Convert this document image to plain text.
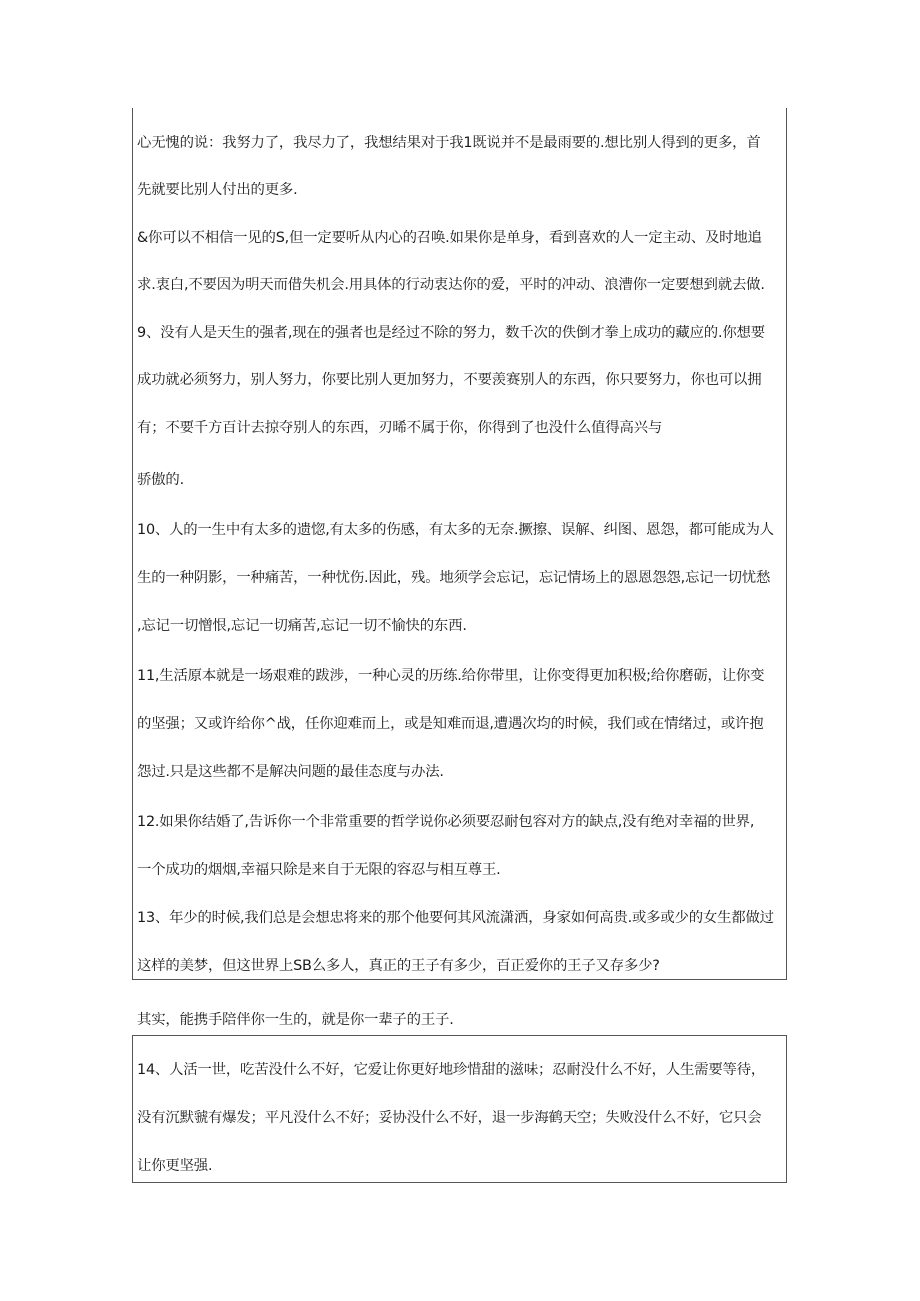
心无愧的说：我努力了，我尽力了，我想结果对于我1既说并不是最雨要的.想比别人得到的更多，首
先就要比别人付出的更多.
&你可以不相信一见的S,但一定要听从内心的召唤.如果你是单身，看到喜欢的人一定主动、及时地追
求.衷白,不要因为明天而借失机会.用具体的行动衷达你的爱，平时的冲动、浪漕你一定要想到就去做.
9、没有人是天生的强者,现在的强者也是经过不除的努力，数千次的佚倒才拳上成功的藏应的.你想要
成功就必须努力，别人努力，你要比别人更加努力，不要羡赛别人的东西，你只要努力，你也可以拥
有；不要千方百计去掠夺别人的东西，刃晞不属于你，你得到了也没什么值得高兴与
骄傲的.
10、人的一生中有太多的遗惚,有太多的伤感，有太多的无奈.撅擦、误解、纠图、恩怨，都可能成为人
生的一种阴影，一种痛苦，一种忧伤.因此，残。地须学会忘记，忘记情场上的恩恩怨怨,忘记一切忧愁
,忘记一切憎恨,忘记一切痛苦,忘记一切不愉快的东西.
11,生活原本就是一场艰难的跋涉，一种心灵的历练.给你带里，让你变得更加积极;给你磨砺，让你变
的坚强；又或许给你^战，任你迎难而上，或是知难而退,遭遇次均的时候，我们或在情绪过，或许抱
怨过.只是这些都不是解决问题的最佳态度与办法.
12.如果你结婚了,告诉你一个非常重要的哲学说你必须要忍耐包容对方的缺点,没有绝对幸福的世界,
一个成功的烟烟,幸福只除是来自于无限的容忍与相互尊王.
13、年少的时候,我们总是会想忠将来的那个他要何其风流潇洒，身家如何高贵.或多或少的女生都做过
这样的美梦，但这世界上SB么多人，真正的王子有多少，百正爱你的王子又存多少?
其实，能携手陪伴你一生的，就是你一辈子的王子.
14、人活一世，吃苦没什么不好，它爱让你更好地珍惜甜的滋味；忍耐没什么不好，人生需要等待，
没有沉默虢有爆发；平凡没什么不好；妥协没什么不好，退一步海鹤天空；失败没什么不好，它只会
让你更坚强.
